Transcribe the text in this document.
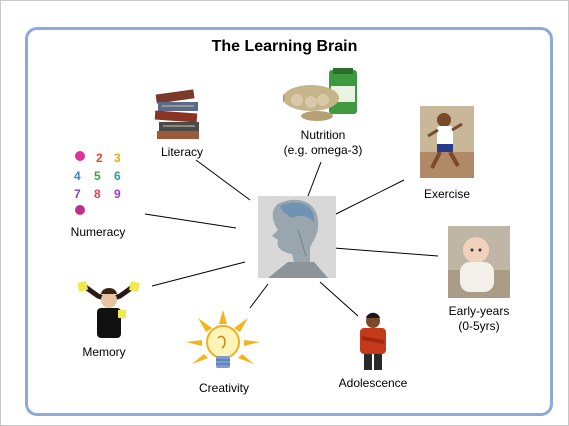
The Learning Brain
Literacy
Nutrition
(e.g. omega-3)
Exercise
2 3
4 5 6
7 8 9
Numeracy
Early-years
(0-5yrs)
Memory
Creativity	Adolescence
